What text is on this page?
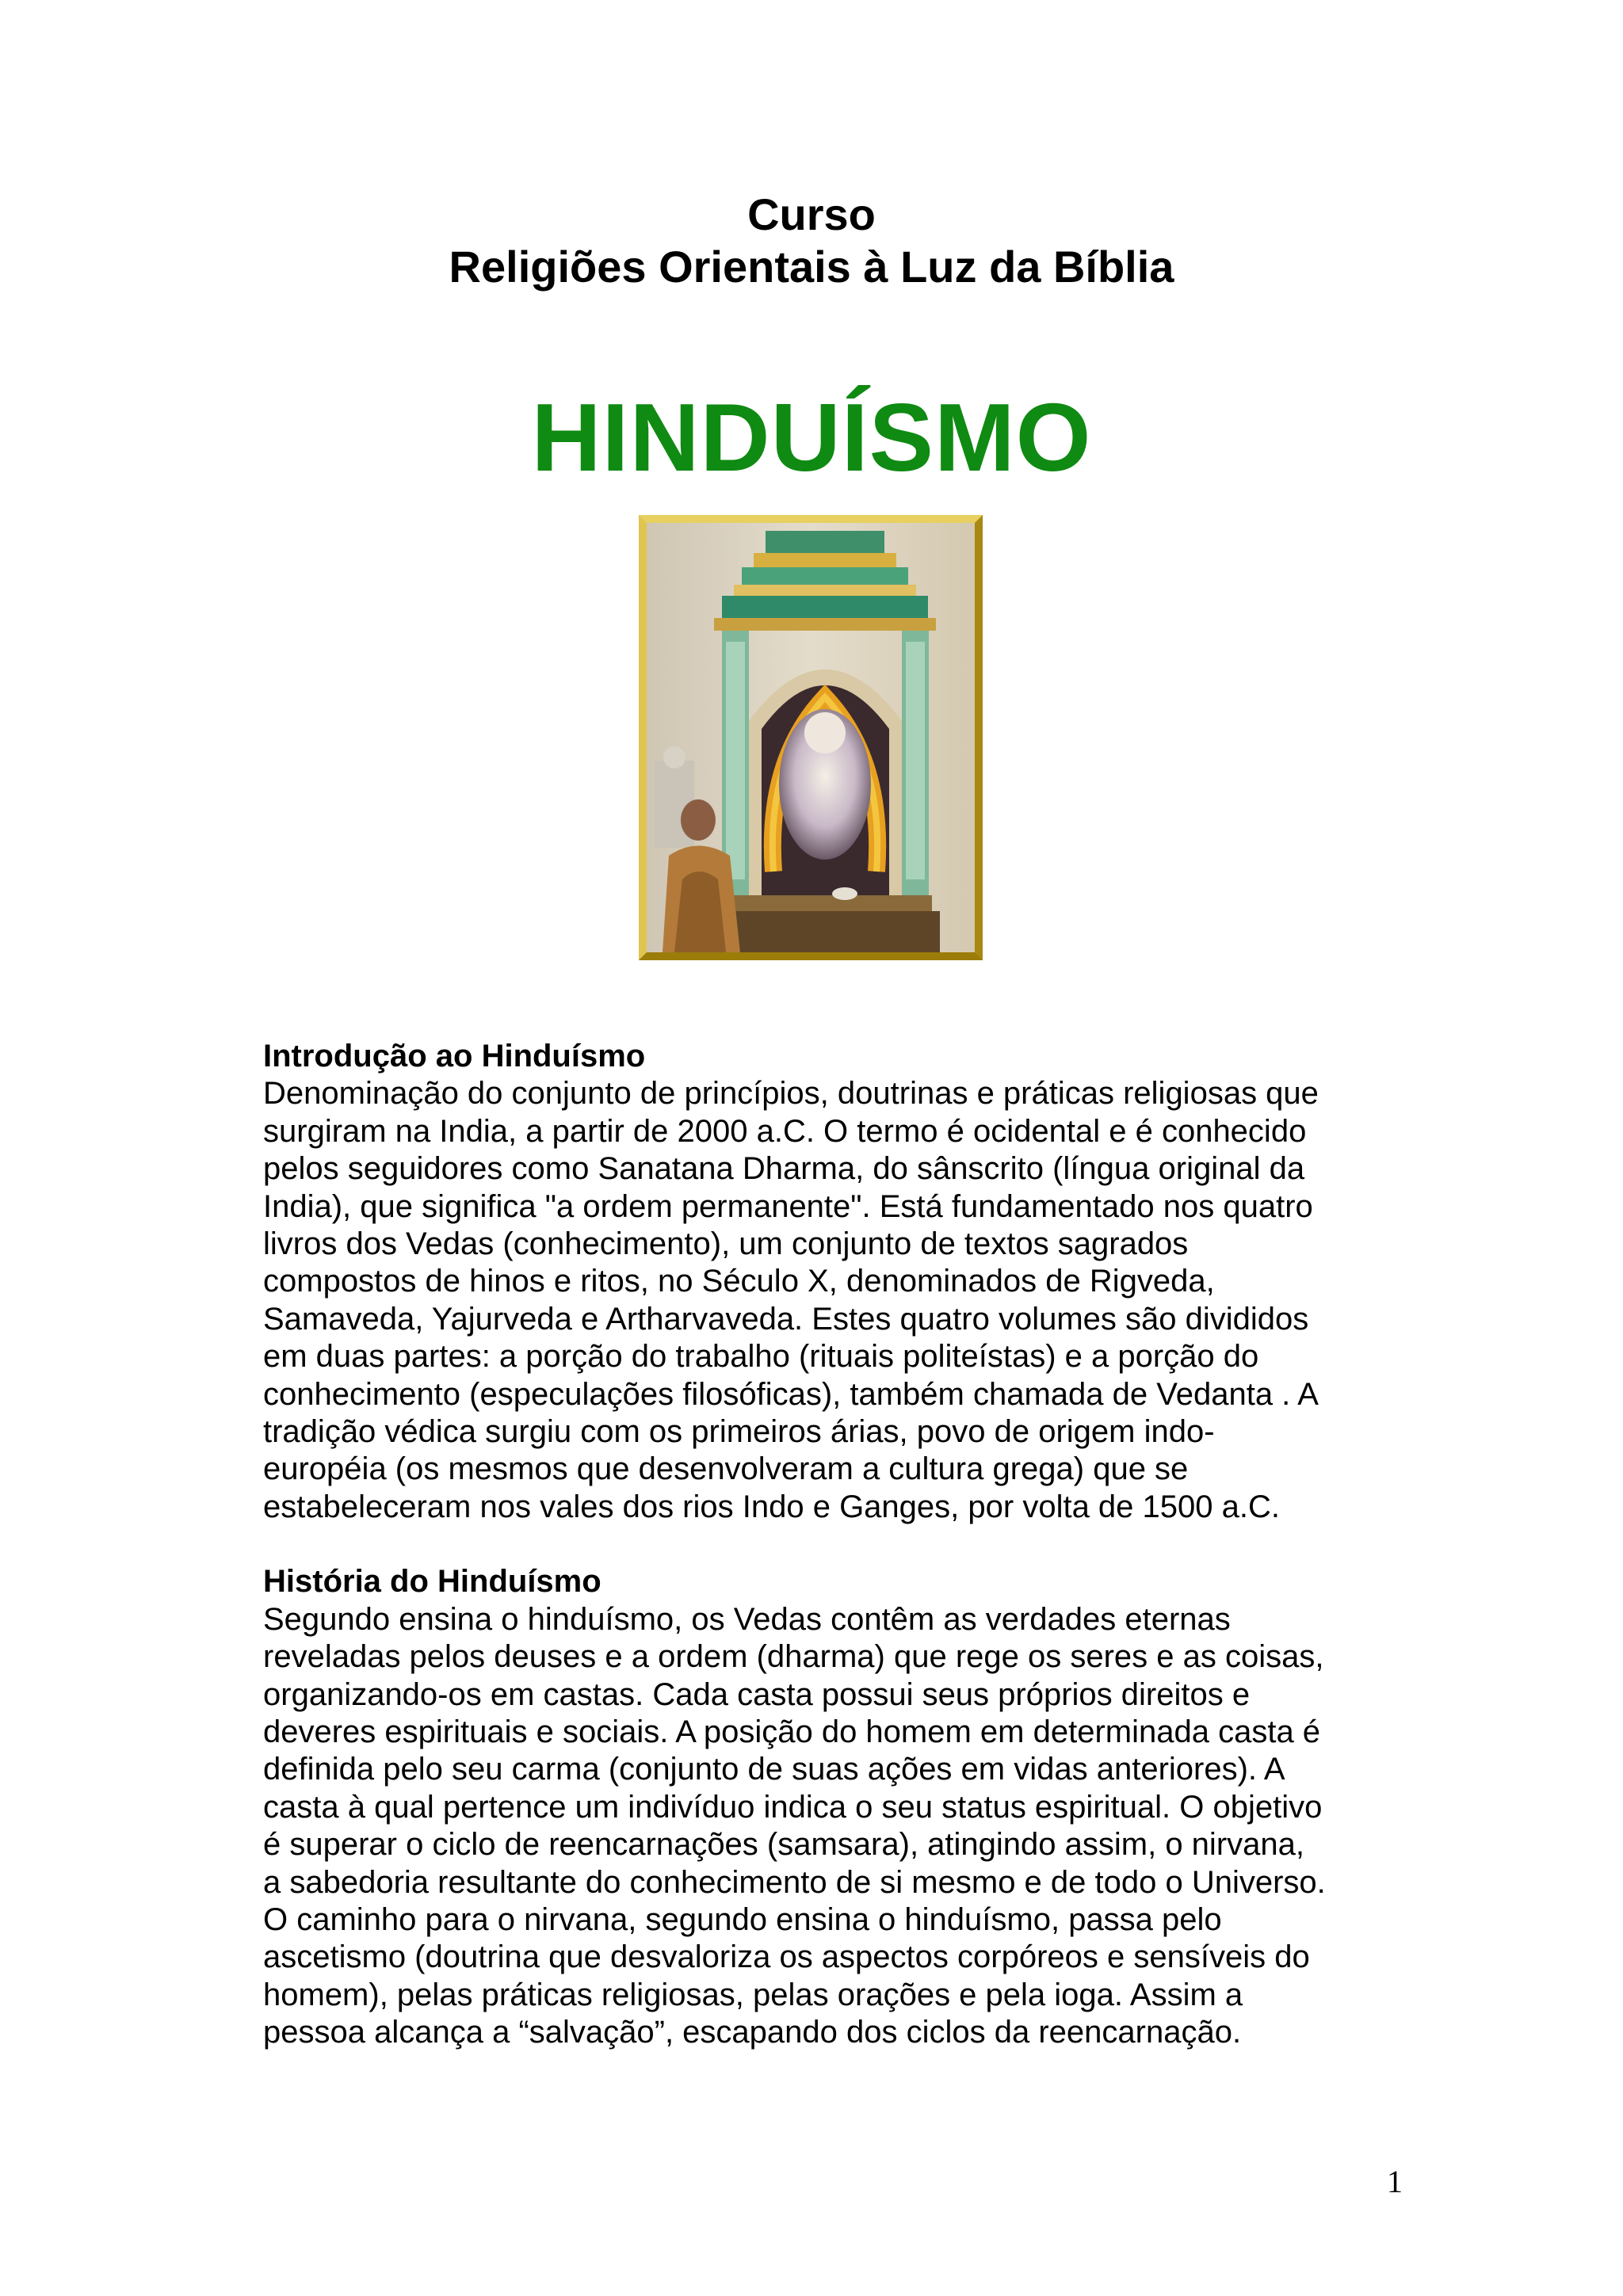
Curso
Religiões Orientais à Luz da Bíblia
HINDUÍSMO
Introdução ao Hinduísmo
Denominação do conjunto de princípios, doutrinas e práticas religiosas que
surgiram na India, a partir de 2000 a.C. O termo é ocidental e é conhecido
pelos seguidores como Sanatana Dharma, do sânscrito (língua original da
India), que significa "a ordem permanente". Está fundamentado nos quatro
livros dos Vedas (conhecimento), um conjunto de textos sagrados
compostos de hinos e ritos, no Século X, denominados de Rigveda,
Samaveda, Yajurveda e Artharvaveda. Estes quatro volumes são divididos
em duas partes: a porção do trabalho (rituais politeístas) e a porção do
conhecimento (especulações filosóficas), também chamada de Vedanta . A
tradição védica surgiu com os primeiros árias, povo de origem indo-
européia (os mesmos que desenvolveram a cultura grega) que se
estabeleceram nos vales dos rios Indo e Ganges, por volta de 1500 a.C.
História do Hinduísmo
Segundo ensina o hinduísmo, os Vedas contêm as verdades eternas
reveladas pelos deuses e a ordem (dharma) que rege os seres e as coisas,
organizando-os em castas. Cada casta possui seus próprios direitos e
deveres espirituais e sociais. A posição do homem em determinada casta é
definida pelo seu carma (conjunto de suas ações em vidas anteriores). A
casta à qual pertence um indivíduo indica o seu status espiritual. O objetivo
é superar o ciclo de reencarnações (samsara), atingindo assim, o nirvana,
a sabedoria resultante do conhecimento de si mesmo e de todo o Universo.
O caminho para o nirvana, segundo ensina o hinduísmo, passa pelo
ascetismo (doutrina que desvaloriza os aspectos corpóreos e sensíveis do
homem), pelas práticas religiosas, pelas orações e pela ioga. Assim a
pessoa alcança a “salvação”, escapando dos ciclos da reencarnação.
1
